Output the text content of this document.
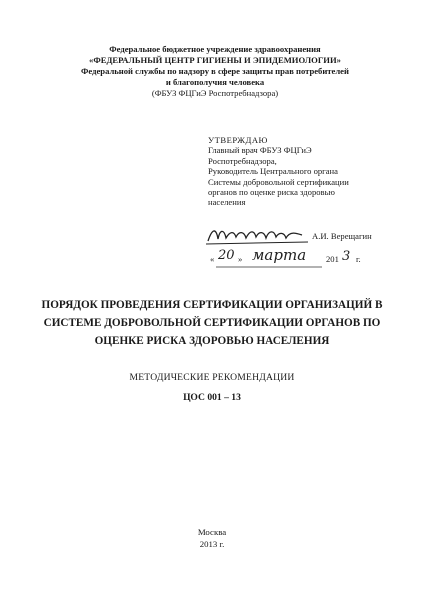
Федеральное бюджетное учреждение здравоохранения
«ФЕДЕРАЛЬНЫЙ ЦЕНТР ГИГИЕНЫ И ЭПИДЕМИОЛОГИИ»
Федеральной службы по надзору в сфере защиты прав потребителей
и благополучия человека
(ФБУЗ ФЦГиЭ Роспотребнадзора)
УТВЕРЖДАЮ
Главный врач ФБУЗ ФЦГиЭ
Роспотребнадзора,
Руководитель Центрального органа
Системы добровольной сертификации
органов по оценке риска здоровью
населения
А.И. Верещагин
« 20 » марта 201 3 г.
ПОРЯДОК ПРОВЕДЕНИЯ СЕРТИФИКАЦИИ ОРГАНИЗАЦИЙ В
СИСТЕМЕ ДОБРОВОЛЬНОЙ СЕРТИФИКАЦИИ ОРГАНОВ ПО
ОЦЕНКЕ РИСКА ЗДОРОВЬЮ НАСЕЛЕНИЯ
МЕТОДИЧЕСКИЕ РЕКОМЕНДАЦИИ
ЦОС 001 – 13
Москва
2013 г.
